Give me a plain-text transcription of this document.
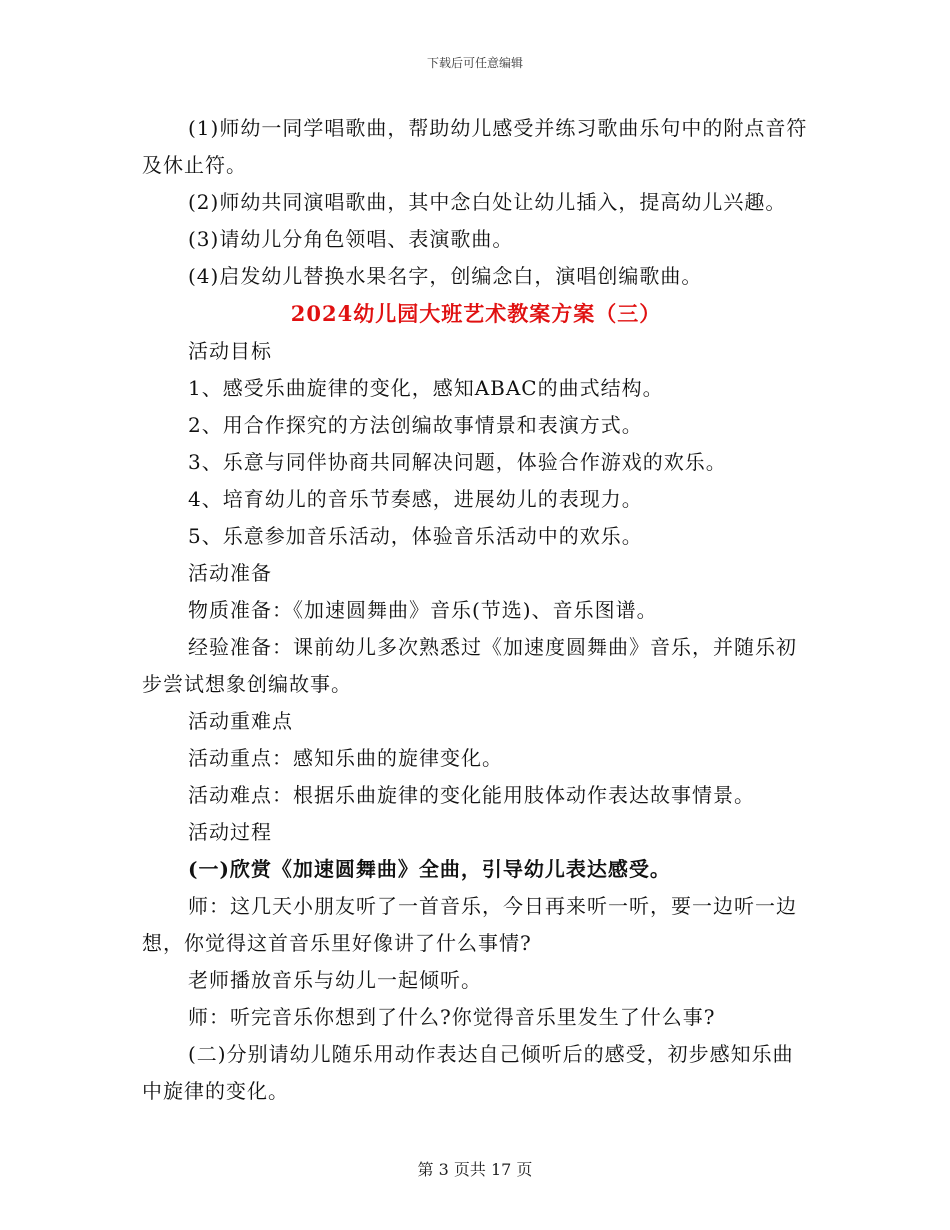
下载后可任意编辑

(1)师幼一同学唱歌曲，帮助幼儿感受并练习歌曲乐句中的附点音符及休止符。

(2)师幼共同演唱歌曲，其中念白处让幼儿插入，提高幼儿兴趣。

(3)请幼儿分角色领唱、表演歌曲。

(4)启发幼儿替换水果名字，创编念白，演唱创编歌曲。

2024幼儿园大班艺术教案方案（三）

活动目标

1、感受乐曲旋律的变化，感知ABAC的曲式结构。

2、用合作探究的方法创编故事情景和表演方式。

3、乐意与同伴协商共同解决问题，体验合作游戏的欢乐。

4、培育幼儿的音乐节奏感，进展幼儿的表现力。

5、乐意参加音乐活动，体验音乐活动中的欢乐。

活动准备

物质准备：《加速圆舞曲》音乐(节选)、音乐图谱。

经验准备：课前幼儿多次熟悉过《加速度圆舞曲》音乐，并随乐初步尝试想象创编故事。

活动重难点

活动重点：感知乐曲的旋律变化。

活动难点：根据乐曲旋律的变化能用肢体动作表达故事情景。

活动过程

(一)欣赏《加速圆舞曲》全曲，引导幼儿表达感受。

师：这几天小朋友听了一首音乐，今日再来听一听，要一边听一边想，你觉得这首音乐里好像讲了什么事情?

老师播放音乐与幼儿一起倾听。

师：听完音乐你想到了什么?你觉得音乐里发生了什么事?

(二)分别请幼儿随乐用动作表达自己倾听后的感受，初步感知乐曲中旋律的变化。

第 3 页共 17 页
